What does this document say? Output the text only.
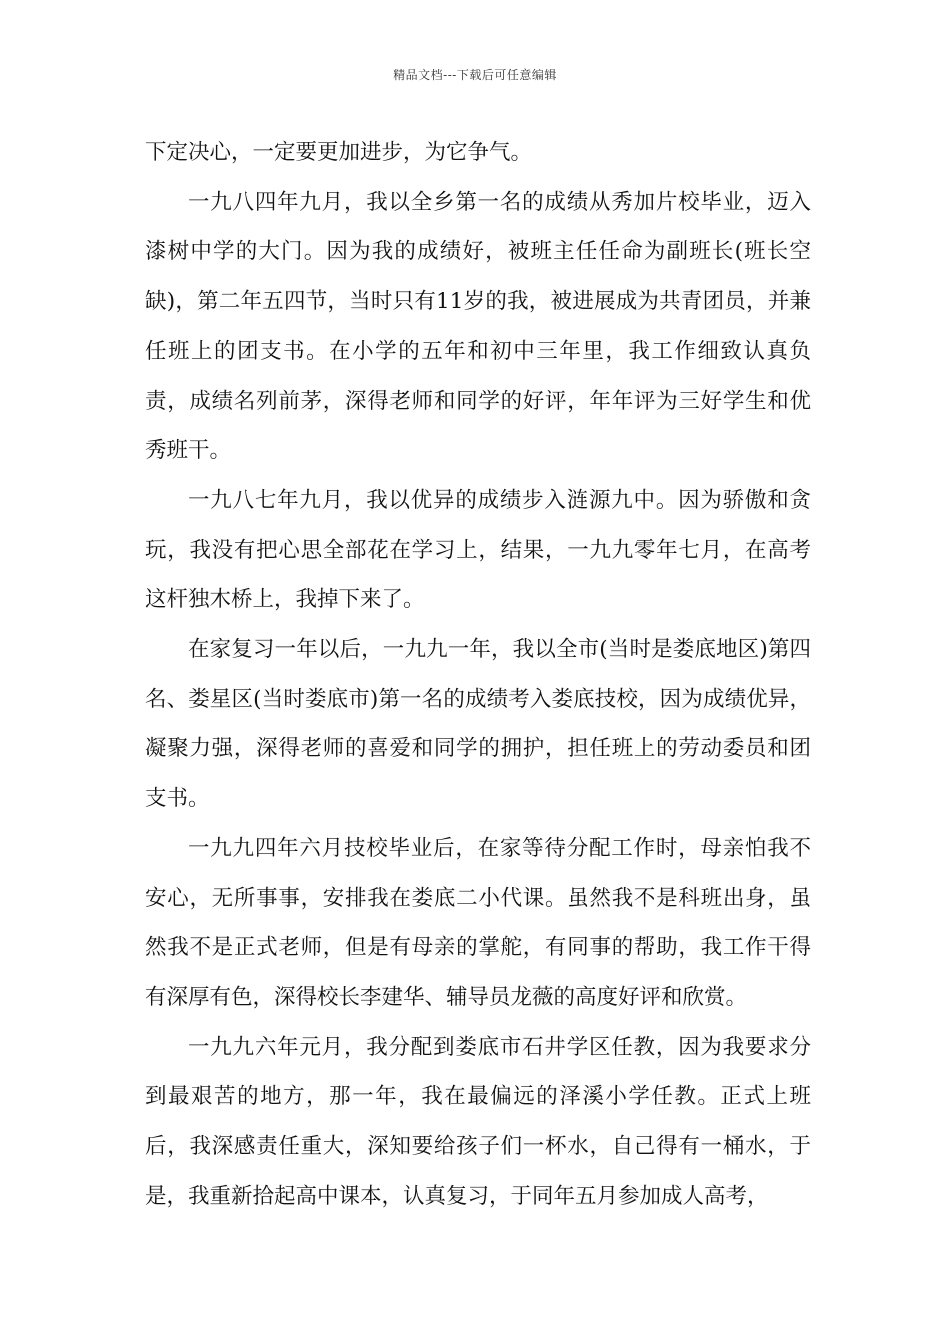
精品文档---下载后可任意编辑

下定决心，一定要更加进步，为它争气。

一九八四年九月，我以全乡第一名的成绩从秀加片校毕业，迈入漆树中学的大门。因为我的成绩好，被班主任任命为副班长(班长空缺)，第二年五四节，当时只有11岁的我，被进展成为共青团员，并兼任班上的团支书。在小学的五年和初中三年里，我工作细致认真负责，成绩名列前茅，深得老师和同学的好评，年年评为三好学生和优秀班干。

一九八七年九月，我以优异的成绩步入涟源九中。因为骄傲和贪玩，我没有把心思全部花在学习上，结果，一九九零年七月，在高考这杆独木桥上，我掉下来了。

在家复习一年以后，一九九一年，我以全市(当时是娄底地区)第四名、娄星区(当时娄底市)第一名的成绩考入娄底技校，因为成绩优异，凝聚力强，深得老师的喜爱和同学的拥护，担任班上的劳动委员和团支书。

一九九四年六月技校毕业后，在家等待分配工作时，母亲怕我不安心，无所事事，安排我在娄底二小代课。虽然我不是科班出身，虽然我不是正式老师，但是有母亲的掌舵，有同事的帮助，我工作干得有深厚有色，深得校长李建华、辅导员龙薇的高度好评和欣赏。

一九九六年元月，我分配到娄底市石井学区任教，因为我要求分到最艰苦的地方，那一年，我在最偏远的泽溪小学任教。正式上班后，我深感责任重大，深知要给孩子们一杯水，自己得有一桶水，于是，我重新拾起高中课本，认真复习，于同年五月参加成人高考，
